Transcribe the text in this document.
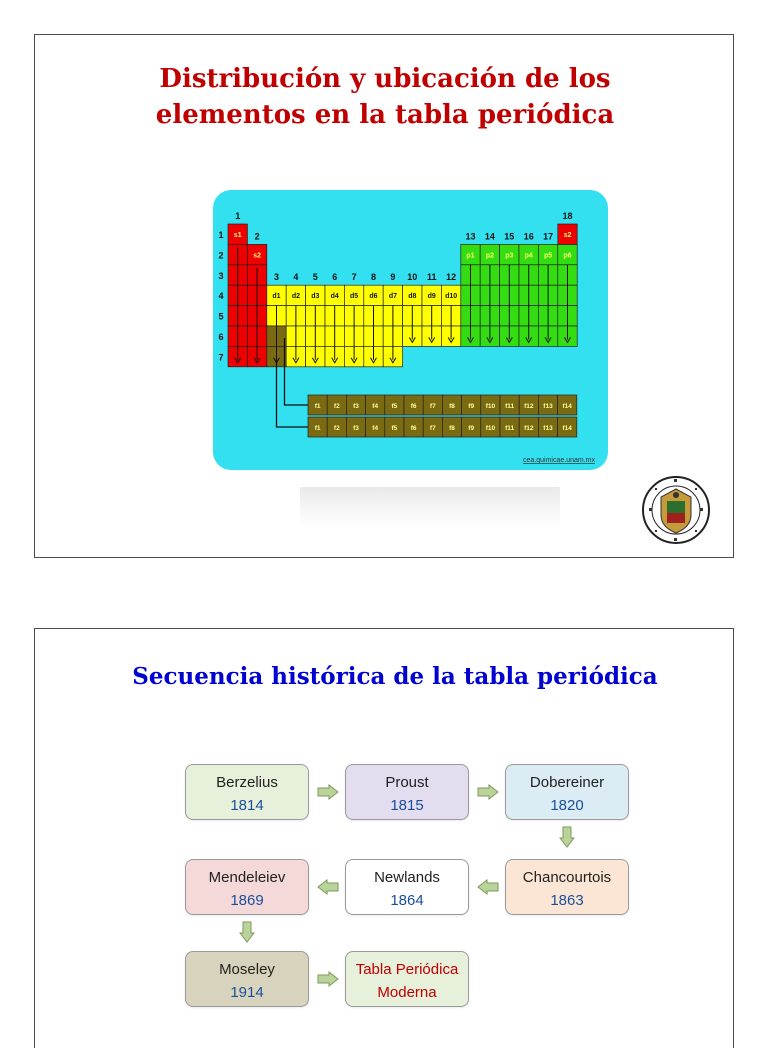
Distribución y ubicación de los
elementos en la tabla periódica
1
2
3 4 5 6 7 8 9 10 11 12
13 14 15 16 17
18
1
2
3
4
5
6
7
s1
s2
s2
d1 d2 d3 d4 d5 d6 d7 d8 d9 d10
p1 p2 p3 p4 p5 p6
f1 f2 f3 f4 f5 f6 f7 f8 f9 f10 f11 f12 f13 f14
f1 f2 f3 f4 f5 f6 f7 f8 f9 f10 f11 f12 f13 f14
cea.quimicae.unam.mx
Secuencia histórica de la tabla periódica
Berzelius
1814
Proust
1815
Dobereiner
1820
Chancourtois
1863
Newlands
1864
Mendeleiev
1869
Moseley
1914
Tabla Periódica
Moderna
